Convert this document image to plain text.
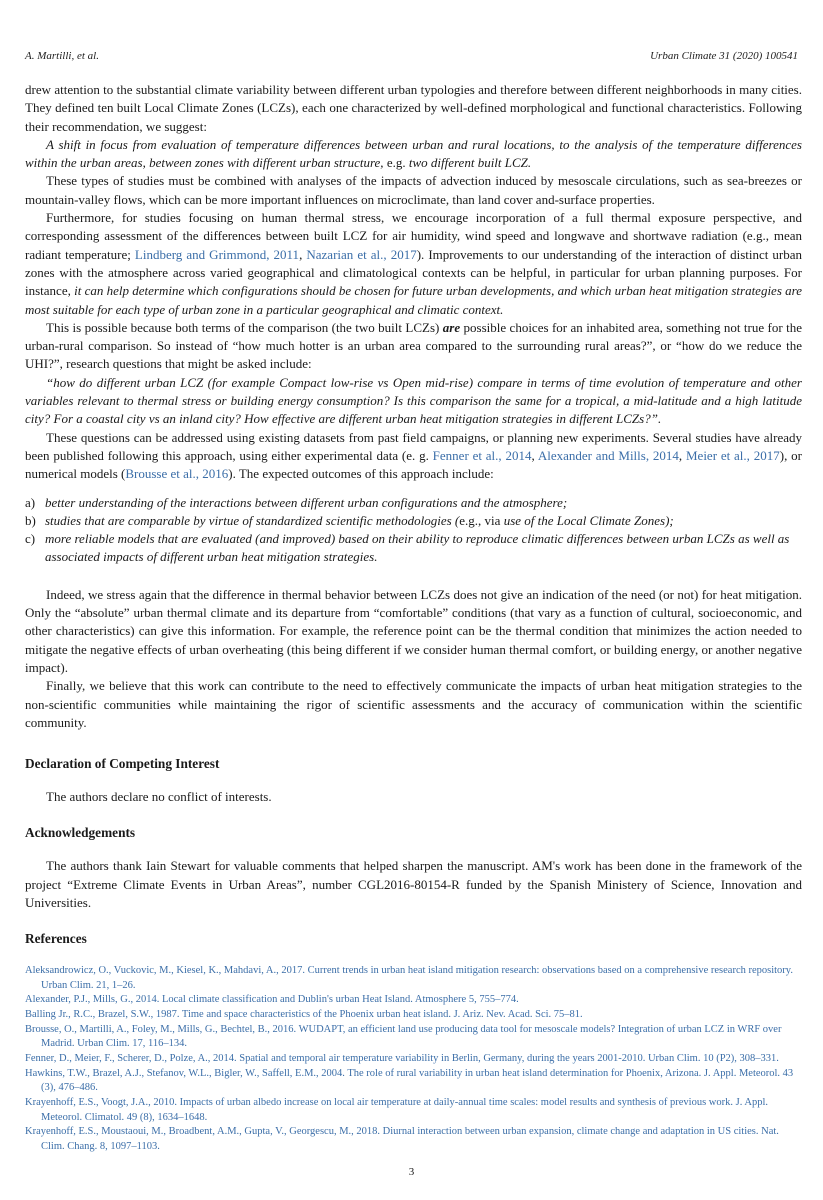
A. Martilli, et al.	Urban Climate 31 (2020) 100541

drew attention to the substantial climate variability between different urban typologies and therefore between different neighborhoods in many cities. They defined ten built Local Climate Zones (LCZs), each one characterized by well-defined morphological and functional characteristics. Following their recommendation, we suggest:

A shift in focus from evaluation of temperature differences between urban and rural locations, to the analysis of the temperature differences within the urban areas, between zones with different urban structure, e.g. two different built LCZ.

These types of studies must be combined with analyses of the impacts of advection induced by mesoscale circulations, such as sea-breezes or mountain-valley flows, which can be more important influences on microclimate, than land cover and-surface properties.

Furthermore, for studies focusing on human thermal stress, we encourage incorporation of a full thermal exposure perspective, and corresponding assessment of the differences between built LCZ for air humidity, wind speed and longwave and shortwave radiation (e.g., mean radiant temperature; Lindberg and Grimmond, 2011, Nazarian et al., 2017). Improvements to our understanding of the interaction of distinct urban zones with the atmosphere across varied geographical and climatological contexts can be helpful, in particular for urban planning purposes. For instance, it can help determine which configurations should be chosen for future urban developments, and which urban heat mitigation strategies are most suitable for each type of urban zone in a particular geographical and climatic context.

This is possible because both terms of the comparison (the two built LCZs) are possible choices for an inhabited area, something not true for the urban-rural comparison. So instead of “how much hotter is an urban area compared to the surrounding rural areas?”, or “how do we reduce the UHI?”, research questions that might be asked include:

“how do different urban LCZ (for example Compact low-rise vs Open mid-rise) compare in terms of time evolution of temperature and other variables relevant to thermal stress or building energy consumption? Is this comparison the same for a tropical, a mid-latitude and a high latitude city? For a coastal city vs an inland city? How effective are different urban heat mitigation strategies in different LCZs?”.

These questions can be addressed using existing datasets from past field campaigns, or planning new experiments. Several studies have already been published following this approach, using either experimental data (e. g. Fenner et al., 2014, Alexander and Mills, 2014, Meier et al., 2017), or numerical models (Brousse et al., 2016). The expected outcomes of this approach include:

a) better understanding of the interactions between different urban configurations and the atmosphere;
b) studies that are comparable by virtue of standardized scientific methodologies (e.g., via use of the Local Climate Zones);
c) more reliable models that are evaluated (and improved) based on their ability to reproduce climatic differences between urban LCZs as well as associated impacts of different urban heat mitigation strategies.

Indeed, we stress again that the difference in thermal behavior between LCZs does not give an indication of the need (or not) for heat mitigation. Only the “absolute” urban thermal climate and its departure from “comfortable” conditions (that vary as a function of cultural, socioeconomic, and other characteristics) can give this information. For example, the reference point can be the thermal condition that minimizes the action needed to mitigate the negative effects of urban overheating (this being different if we consider human thermal comfort, or building energy, or another negative impact).

Finally, we believe that this work can contribute to the need to effectively communicate the impacts of urban heat mitigation strategies to the non-scientific communities while maintaining the rigor of scientific assessments and the accuracy of communication within the scientific community.

Declaration of Competing Interest

The authors declare no conflict of interests.

Acknowledgements

The authors thank Iain Stewart for valuable comments that helped sharpen the manuscript. AM's work has been done in the framework of the project “Extreme Climate Events in Urban Areas”, number CGL2016-80154-R funded by the Spanish Ministery of Science, Innovation and Universities.

References
Aleksandrowicz, O., Vuckovic, M., Kiesel, K., Mahdavi, A., 2017. Current trends in urban heat island mitigation research: observations based on a comprehensive research repository. Urban Clim. 21, 1–26.
Alexander, P.J., Mills, G., 2014. Local climate classification and Dublin's urban Heat Island. Atmosphere 5, 755–774.
Balling Jr., R.C., Brazel, S.W., 1987. Time and space characteristics of the Phoenix urban heat island. J. Ariz. Nev. Acad. Sci. 75–81.
Brousse, O., Martilli, A., Foley, M., Mills, G., Bechtel, B., 2016. WUDAPT, an efficient land use producing data tool for mesoscale models? Integration of urban LCZ in WRF over Madrid. Urban Clim. 17, 116–134.
Fenner, D., Meier, F., Scherer, D., Polze, A., 2014. Spatial and temporal air temperature variability in Berlin, Germany, during the years 2001-2010. Urban Clim. 10 (P2), 308–331.
Hawkins, T.W., Brazel, A.J., Stefanov, W.L., Bigler, W., Saffell, E.M., 2004. The role of rural variability in urban heat island determination for Phoenix, Arizona. J. Appl. Meteorol. 43 (3), 476–486.
Krayenhoff, E.S., Voogt, J.A., 2010. Impacts of urban albedo increase on local air temperature at daily-annual time scales: model results and synthesis of previous work. J. Appl. Meteorol. Climatol. 49 (8), 1634–1648.
Krayenhoff, E.S., Moustaoui, M., Broadbent, A.M., Gupta, V., Georgescu, M., 2018. Diurnal interaction between urban expansion, climate change and adaptation in US cities. Nat. Clim. Chang. 8, 1097–1103.
3
